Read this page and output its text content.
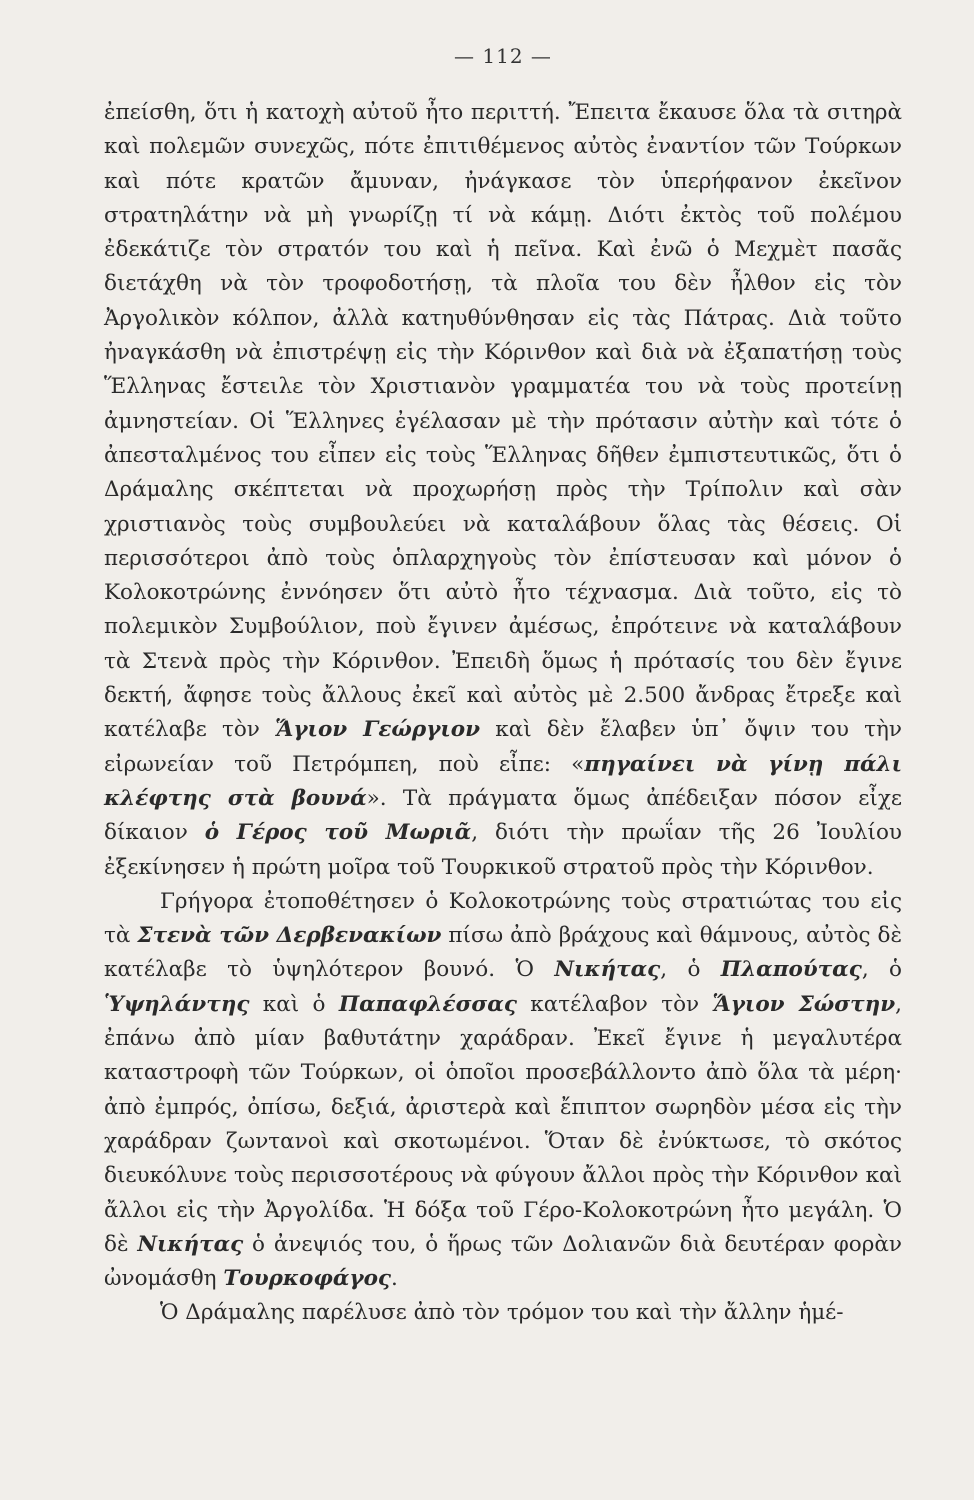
— 112 —

ἐπείσθη, ὅτι ἡ κατοχὴ αὐτοῦ ἦτο περιττή. Ἔπειτα ἔκαυσε ὅλα τὰ σιτηρὰ καὶ πολεμῶν συνεχῶς, πότε ἐπιτιθέμενος αὐτὸς ἐναντίον τῶν Τούρκων καὶ πότε κρατῶν ἄμυναν, ἠνάγκασε τὸν ὑπερήφανον ἐκεῖνον στρατηλάτην νὰ μὴ γνωρίζῃ τί νὰ κάμῃ. Διότι ἐκτὸς τοῦ πολέμου ἐδεκάτιζε τὸν στρατόν του καὶ ἡ πεῖνα. Καὶ ἐνῶ ὁ Μεχμὲτ πασᾶς διετάχθη νὰ τὸν τροφοδοτήσῃ, τὰ πλοῖα του δὲν ἦλθον εἰς τὸν Ἀργολικὸν κόλπον, ἀλλὰ κατηυθύνθησαν εἰς τὰς Πάτρας. Διὰ τοῦτο ἠναγκάσθη νὰ ἐπιστρέψῃ εἰς τὴν Κόρινθον καὶ διὰ νὰ ἐξαπατήσῃ τοὺς Ἕλληνας ἔστειλε τὸν Χριστιανὸν γραμματέα του νὰ τοὺς προτείνῃ ἀμνηστείαν. Οἱ Ἕλληνες ἐγέλασαν μὲ τὴν πρότασιν αὐτὴν καὶ τότε ὁ ἀπεσταλμένος του εἶπεν εἰς τοὺς Ἕλληνας δῆθεν ἐμπιστευτικῶς, ὅτι ὁ Δράμαλης σκέπτεται νὰ προχωρήσῃ πρὸς τὴν Τρίπολιν καὶ σὰν χριστιανὸς τοὺς συμβουλεύει νὰ καταλάβουν ὅλας τὰς θέσεις. Οἱ περισσότεροι ἀπὸ τοὺς ὁπλαρχηγοὺς τὸν ἐπίστευσαν καὶ μόνον ὁ Κολοκοτρώνης ἐννόησεν ὅτι αὐτὸ ἦτο τέχνασμα. Διὰ τοῦτο, εἰς τὸ πολεμικὸν Συμβούλιον, ποὺ ἔγινεν ἀμέσως, ἐπρότεινε νὰ καταλάβουν τὰ Στενὰ πρὸς τὴν Κόρινθον. Ἐπειδὴ ὅμως ἡ πρότασίς του δὲν ἔγινε δεκτή, ἄφησε τοὺς ἄλλους ἐκεῖ καὶ αὐτὸς μὲ 2.500 ἄνδρας ἔτρεξε καὶ κατέλαβε τὸν Ἅγιον Γεώργιον καὶ δὲν ἔλαβεν ὑπ᾽ ὄψιν του τὴν εἰρωνείαν τοῦ Πετρόμπεη, ποὺ εἶπε: «πηγαίνει νὰ γίνῃ πάλι κλέφτης στὰ βουνά». Τὰ πράγματα ὅμως ἀπέδειξαν πόσον εἶχε δίκαιον ὁ Γέρος τοῦ Μωριᾶ, διότι τὴν πρωΐαν τῆς 26 Ἰουλίου ἐξεκίνησεν ἡ πρώτη μοῖρα τοῦ Τουρκικοῦ στρατοῦ πρὸς τὴν Κόρινθον.

Γρήγορα ἐτοποθέτησεν ὁ Κολοκοτρώνης τοὺς στρατιώτας του εἰς τὰ Στενὰ τῶν Δερβενακίων πίσω ἀπὸ βράχους καὶ θάμνους, αὐτὸς δὲ κατέλαβε τὸ ὑψηλότερον βουνό. Ὁ Νικήτας, ὁ Πλαπούτας, ὁ Ὑψηλάντης καὶ ὁ Παπαφλέσσας κατέλαβον τὸν Ἅγιον Σώστην, ἐπάνω ἀπὸ μίαν βαθυτάτην χαράδραν. Ἐκεῖ ἔγινε ἡ μεγαλυτέρα καταστροφὴ τῶν Τούρκων, οἱ ὁποῖοι προσεβάλλοντο ἀπὸ ὅλα τὰ μέρη· ἀπὸ ἐμπρός, ὀπίσω, δεξιά, ἀριστερὰ καὶ ἔπιπτον σωρηδὸν μέσα εἰς τὴν χαράδραν ζωντανοὶ καὶ σκοτωμένοι. Ὅταν δὲ ἐνύκτωσε, τὸ σκότος διευκόλυνε τοὺς περισσοτέρους νὰ φύγουν ἄλλοι πρὸς τὴν Κόρινθον καὶ ἄλλοι εἰς τὴν Ἀργολίδα. Ἡ δόξα τοῦ Γέρο-Κολοκοτρώνη ἦτο μεγάλη. Ὁ δὲ Νικήτας ὁ ἀνεψιός του, ὁ ἥρως τῶν Δολιανῶν διὰ δευτέραν φορὰν ὠνομάσθη Τουρκοφάγος.

Ὁ Δράμαλης παρέλυσε ἀπὸ τὸν τρόμον του καὶ τὴν ἄλλην ἡμέ-
